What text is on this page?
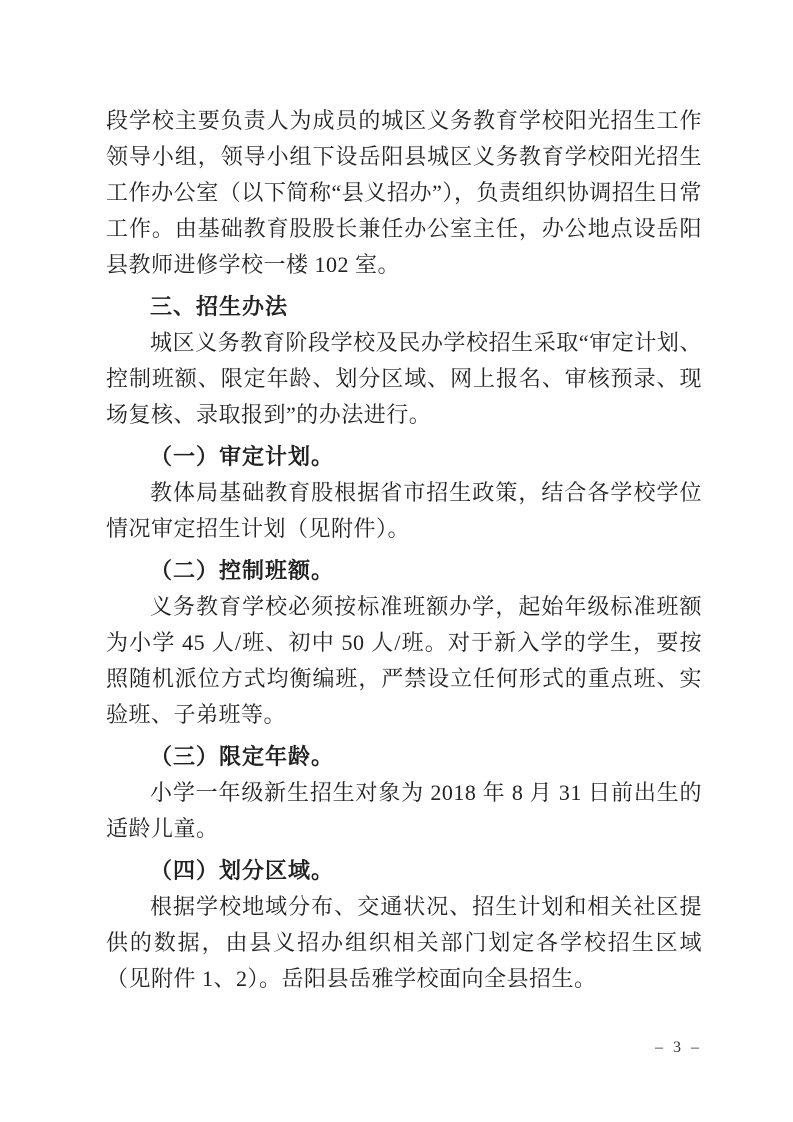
段学校主要负责人为成员的城区义务教育学校阳光招生工作领导小组，领导小组下设岳阳县城区义务教育学校阳光招生工作办公室（以下简称“县义招办”），负责组织协调招生日常工作。由基础教育股股长兼任办公室主任，办公地点设岳阳县教师进修学校一楼 102 室。

三、招生办法

城区义务教育阶段学校及民办学校招生采取“审定计划、控制班额、限定年龄、划分区域、网上报名、审核预录、现场复核、录取报到”的办法进行。

（一）审定计划。

教体局基础教育股根据省市招生政策，结合各学校学位情况审定招生计划（见附件）。

（二）控制班额。

义务教育学校必须按标准班额办学，起始年级标准班额为小学 45 人/班、初中 50 人/班。对于新入学的学生，要按照随机派位方式均衡编班，严禁设立任何形式的重点班、实验班、子弟班等。

（三）限定年龄。

小学一年级新生招生对象为 2018 年 8 月 31 日前出生的适龄儿童。

（四）划分区域。

根据学校地域分布、交通状况、招生计划和相关社区提供的数据，由县义招办组织相关部门划定各学校招生区域（见附件 1、2）。岳阳县岳雅学校面向全县招生。

– 3 –
